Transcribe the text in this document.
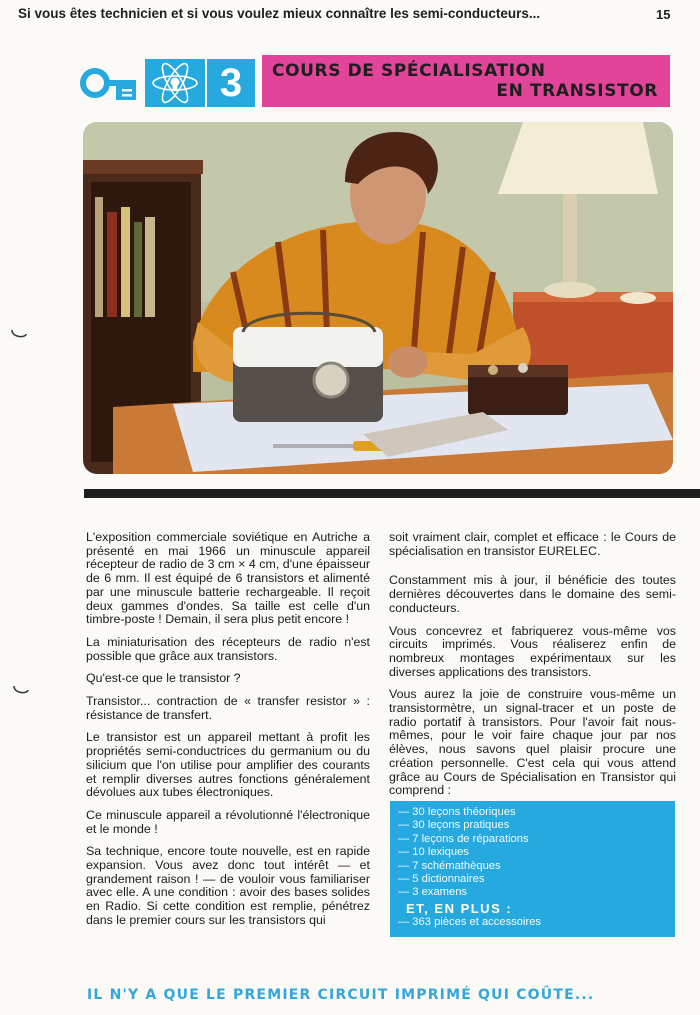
Si vous êtes technicien et si vous voulez mieux connaître les semi-conducteurs...	15
3	COURS DE SPÉCIALISATION
EN TRANSISTOR

L'exposition commerciale soviétique en Autriche a présenté en mai 1966 un minuscule appareil récepteur de radio de 3 cm × 4 cm, d'une épaisseur de 6 mm. Il est équipé de 6 transistors et alimenté par une minuscule batterie rechargeable. Il reçoit deux gammes d'ondes. Sa taille est celle d'un timbre-poste ! Demain, il sera plus petit encore !

La miniaturisation des récepteurs de radio n'est possible que grâce aux transistors.

Qu'est-ce que le transistor ?

Transistor... contraction de « transfer resistor » : résistance de transfert.

Le transistor est un appareil mettant à profit les propriétés semi-conductrices du germanium ou du silicium que l'on utilise pour amplifier des courants et remplir diverses autres fonctions généralement dévolues aux tubes électroniques.

Ce minuscule appareil a révolutionné l'électronique et le monde !

Sa technique, encore toute nouvelle, est en rapide expansion. Vous avez donc tout intérêt — et grandement raison ! — de vouloir vous familiariser avec elle. A une condition : avoir des bases solides en Radio. Si cette condition est remplie, pénétrez dans le premier cours sur les transistors qui

soit vraiment clair, complet et efficace : le Cours de spécialisation en transistor EURELEC.

Constamment mis à jour, il bénéficie des toutes dernières découvertes dans le domaine des semi-conducteurs.

Vous concevrez et fabriquerez vous-même vos circuits imprimés. Vous réaliserez enfin de nombreux montages expérimentaux sur les diverses applications des transistors.

Vous aurez la joie de construire vous-même un transistormètre, un signal-tracer et un poste de radio portatif à transistors. Pour l'avoir fait nous-mêmes, pour le voir faire chaque jour par nos élèves, nous savons quel plaisir procure une création personnelle. C'est cela qui vous attend grâce au Cours de Spécialisation en Transistor qui comprend :

— 30 leçons théoriques
— 30 leçons pratiques
— 7 leçons de réparations
— 10 lexiques
— 7 schémathèques
— 5 dictionnaires
— 3 examens
ET, EN PLUS :
— 363 pièces et accessoires
IL N'Y A QUE LE PREMIER CIRCUIT IMPRIMÉ QUI COÛTE...
